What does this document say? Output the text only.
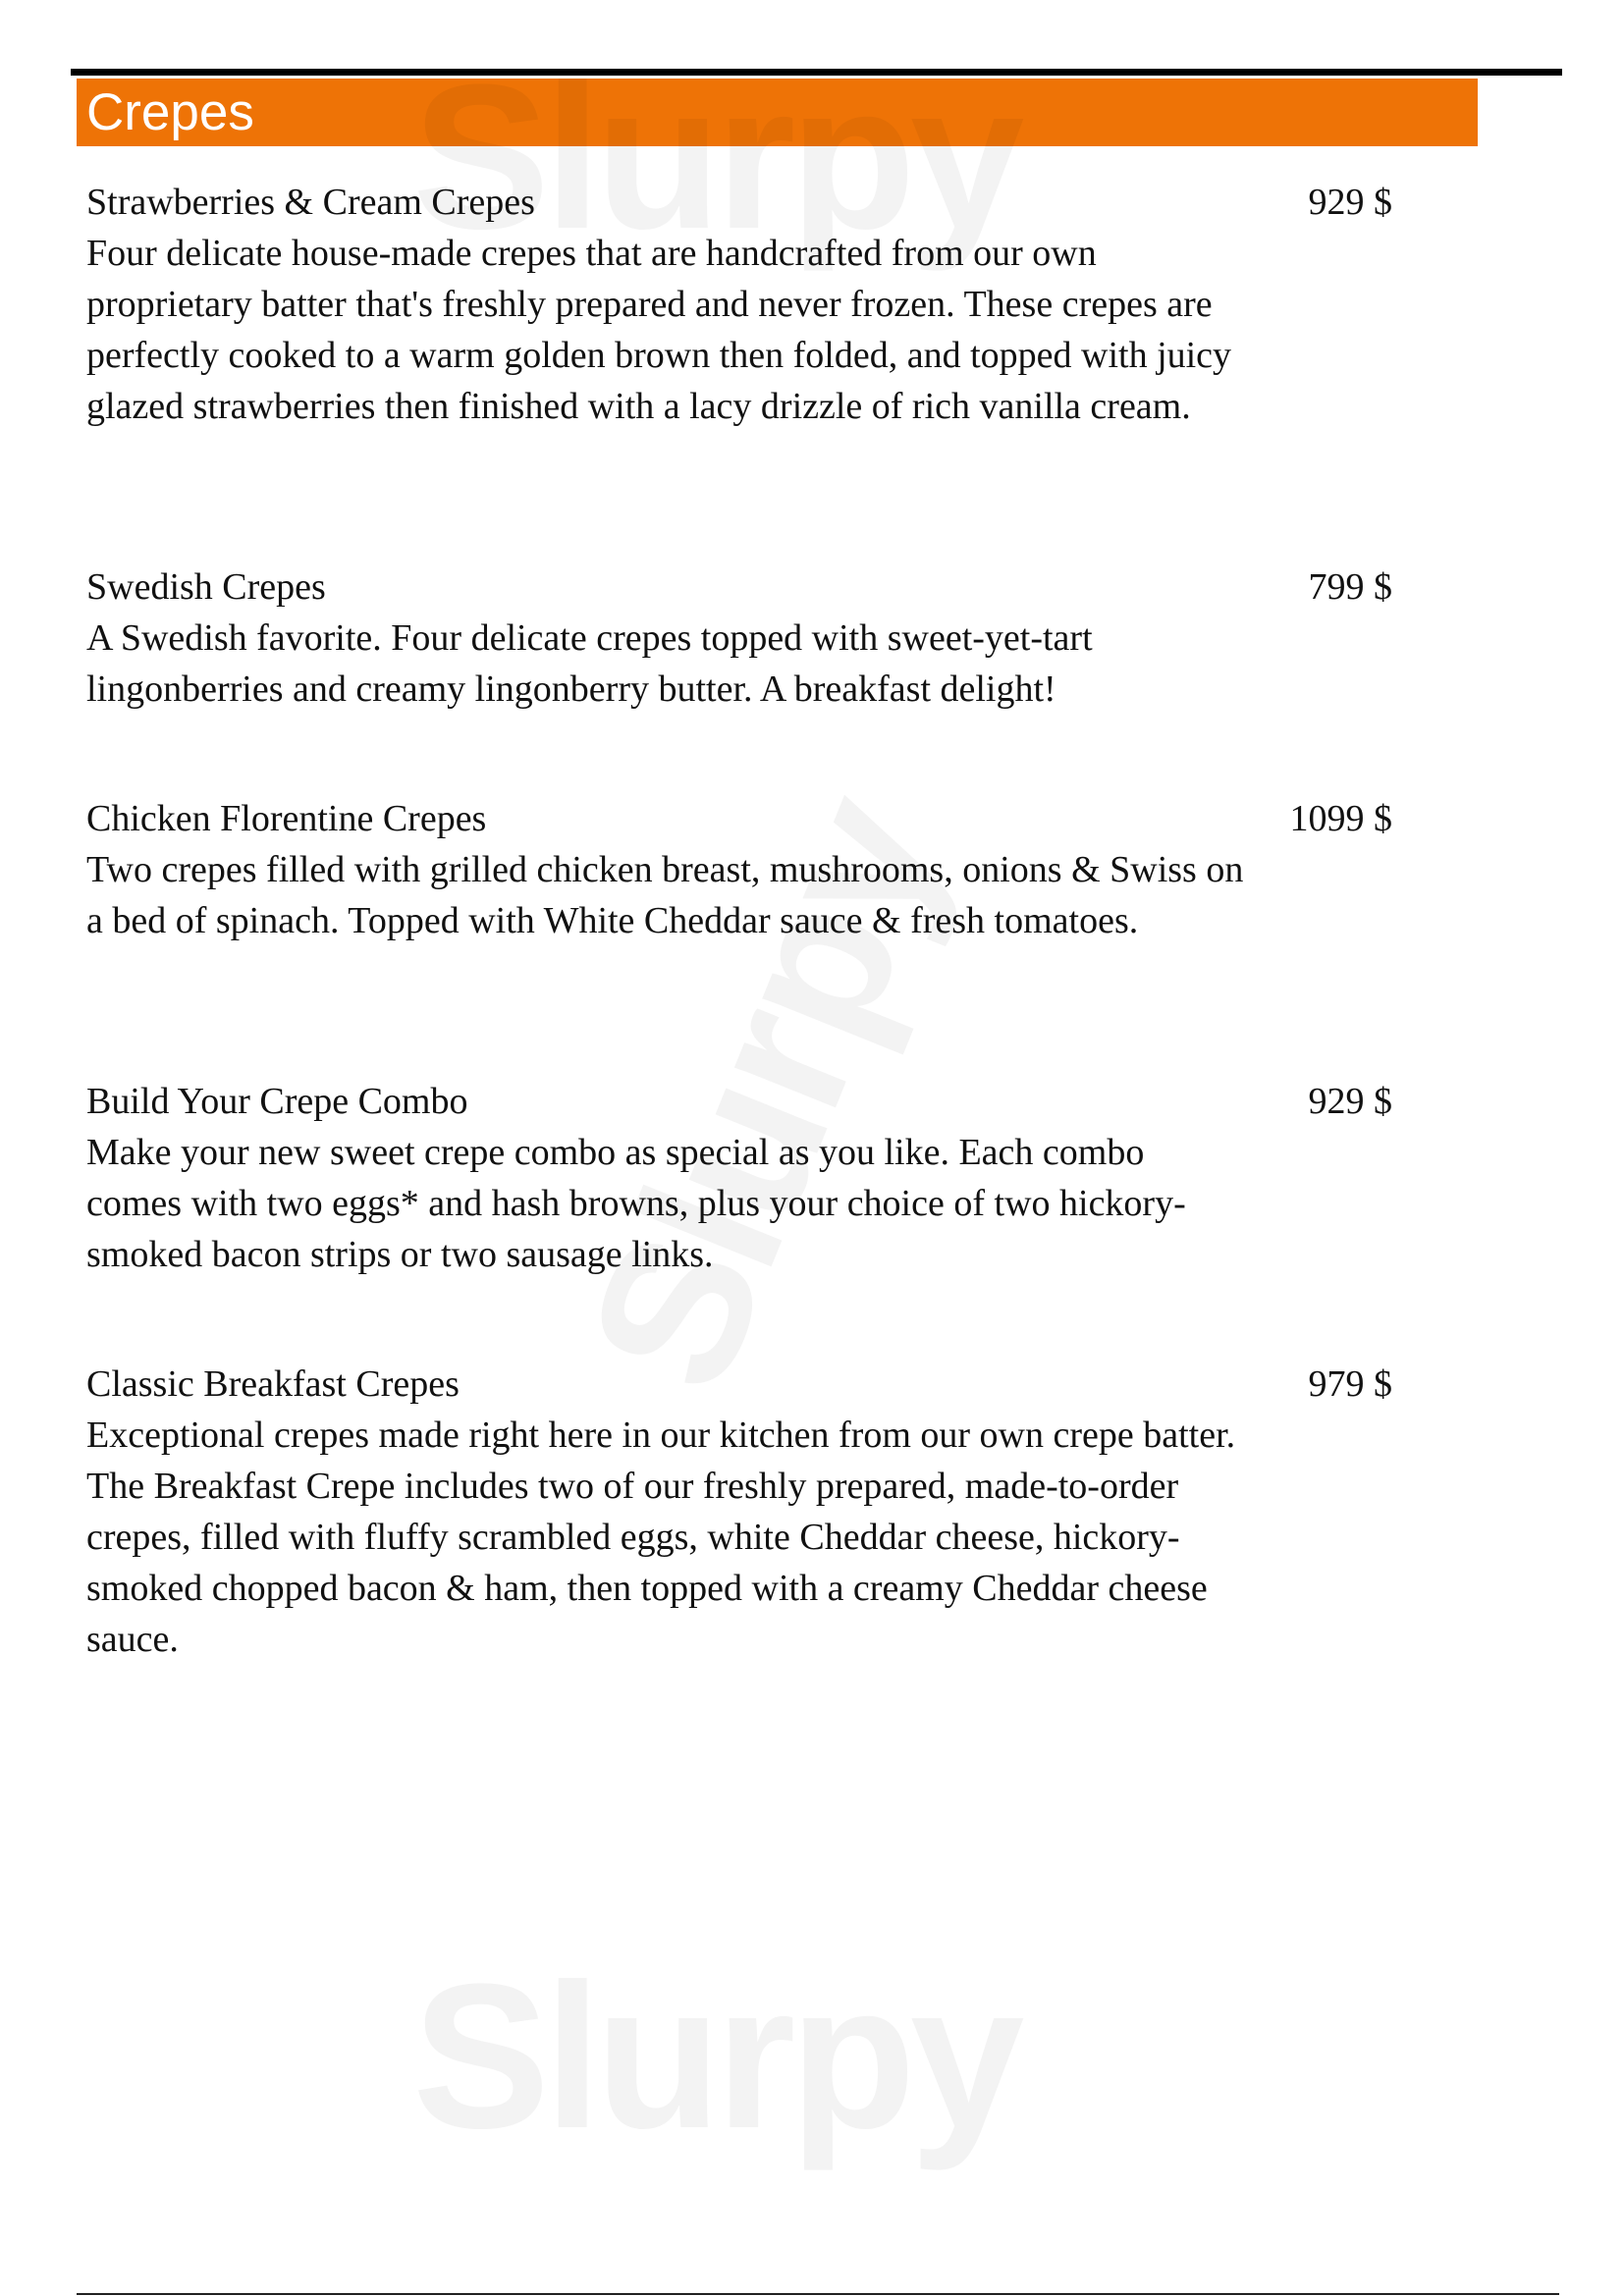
Crepes
Strawberries & Cream Crepes
Four delicate house-made crepes that are handcrafted from our own proprietary batter that's freshly prepared and never frozen. These crepes are perfectly cooked to a warm golden brown then folded, and topped with juicy glazed strawberries then finished with a lacy drizzle of rich vanilla cream.
929 $
Swedish Crepes
A Swedish favorite. Four delicate crepes topped with sweet-yet-tart lingonberries and creamy lingonberry butter. A breakfast delight!
799 $
Chicken Florentine Crepes
Two crepes filled with grilled chicken breast, mushrooms, onions & Swiss on a bed of spinach. Topped with White Cheddar sauce & fresh tomatoes.
1099 $
Build Your Crepe Combo
Make your new sweet crepe combo as special as you like. Each combo comes with two eggs* and hash browns, plus your choice of two hickory-smoked bacon strips or two sausage links.
929 $
Classic Breakfast Crepes
Exceptional crepes made right here in our kitchen from our own crepe batter. The Breakfast Crepe includes two of our freshly prepared, made-to-order crepes, filled with fluffy scrambled eggs, white Cheddar cheese, hickory-smoked chopped bacon & ham, then topped with a creamy Cheddar cheese sauce.
979 $
